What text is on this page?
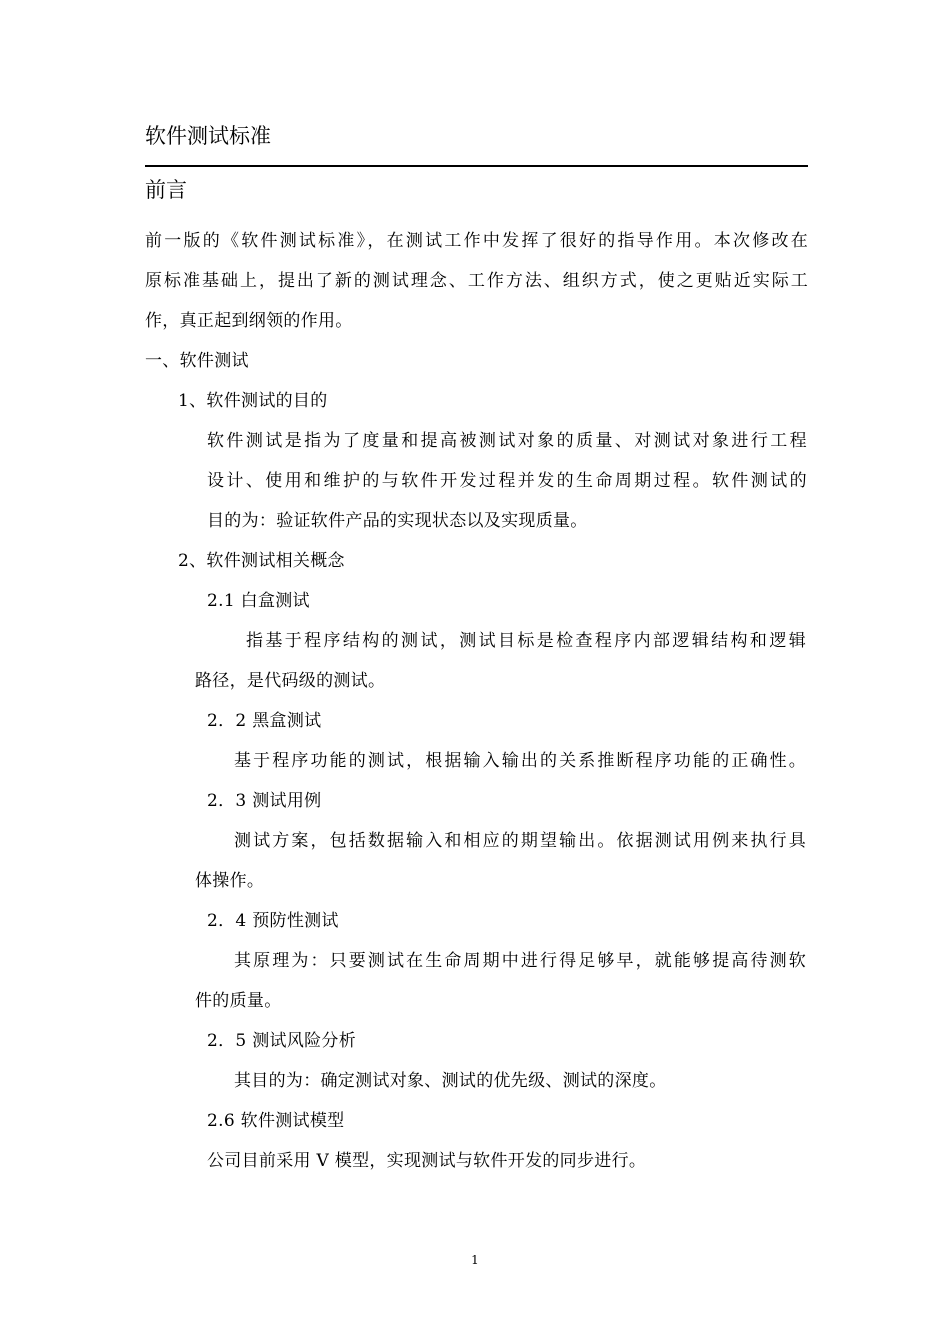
软件测试标准
前言
前一版的《软件测试标准》，在测试工作中发挥了很好的指导作用。本次修改在
原标准基础上，提出了新的测试理念、工作方法、组织方式，使之更贴近实际工
作，真正起到纲领的作用。
一、软件测试
1、软件测试的目的
软件测试是指为了度量和提高被测试对象的质量、对测试对象进行工程
设计、使用和维护的与软件开发过程并发的生命周期过程。软件测试的
目的为：验证软件产品的实现状态以及实现质量。
2、软件测试相关概念
2.1 白盒测试
指基于程序结构的测试，测试目标是检查程序内部逻辑结构和逻辑
路径，是代码级的测试。
2．2 黑盒测试
基于程序功能的测试，根据输入输出的关系推断程序功能的正确性。
2．3 测试用例
测试方案，包括数据输入和相应的期望输出。依据测试用例来执行具
体操作。
2．4 预防性测试
其原理为：只要测试在生命周期中进行得足够早，就能够提高待测软
件的质量。
2．5 测试风险分析
其目的为：确定测试对象、测试的优先级、测试的深度。
2.6 软件测试模型
公司目前采用 V 模型，实现测试与软件开发的同步进行。
1
